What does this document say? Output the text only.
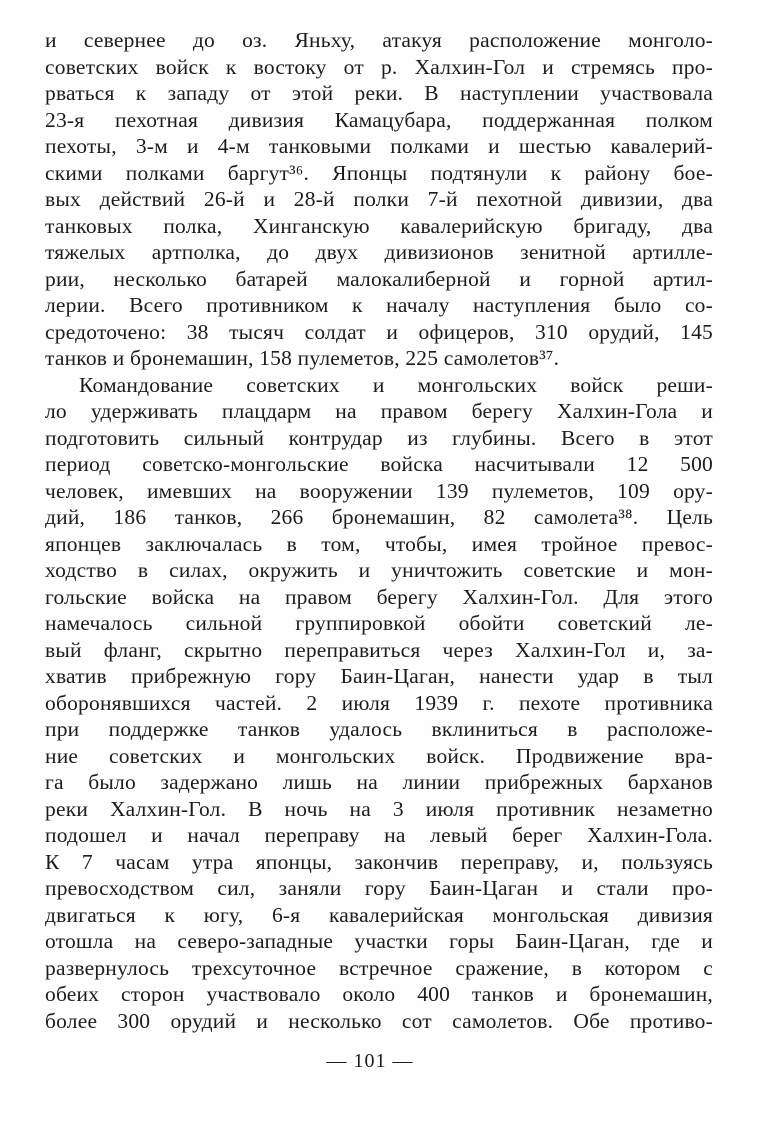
и севернее до оз. Яньху, атакуя расположение монголо-
советских войск к востоку от р. Халхин-Гол и стремясь про-
рваться к западу от этой реки. В наступлении участвовала
23-я пехотная дивизия Камацубара, поддержанная полком
пехоты, 3-м и 4-м танковыми полками и шестью кавалерий-
скими полками баргут³⁶. Японцы подтянули к району бое-
вых действий 26-й и 28-й полки 7-й пехотной дивизии, два
танковых полка, Хинганскую кавалерийскую бригаду, два
тяжелых артполка, до двух дивизионов зенитной артилле-
рии, несколько батарей малокалиберной и горной артил-
лерии. Всего противником к началу наступления было со-
средоточено: 38 тысяч солдат и офицеров, 310 орудий, 145
танков и бронемашин, 158 пулеметов, 225 самолетов³⁷.
Командование советских и монгольских войск реши-
ло удерживать плацдарм на правом берегу Халхин-Гола и
подготовить сильный контрудар из глубины. Всего в этот
период советско-монгольские войска насчитывали 12 500
человек, имевших на вооружении 139 пулеметов, 109 ору-
дий, 186 танков, 266 бронемашин, 82 самолета³⁸. Цель
японцев заключалась в том, чтобы, имея тройное превос-
ходство в силах, окружить и уничтожить советские и мон-
гольские войска на правом берегу Халхин-Гол. Для этого
намечалось сильной группировкой обойти советский ле-
вый фланг, скрытно переправиться через Халхин-Гол и, за-
хватив прибрежную гору Баин-Цаган, нанести удар в тыл
оборонявшихся частей. 2 июля 1939 г. пехоте противника
при поддержке танков удалось вклиниться в расположе-
ние советских и монгольских войск. Продвижение вра-
га было задержано лишь на линии прибрежных барханов
реки Халхин-Гол. В ночь на 3 июля противник незаметно
подошел и начал переправу на левый берег Халхин-Гола.
К 7 часам утра японцы, закончив переправу, и, пользуясь
превосходством сил, заняли гору Баин-Цаган и стали про-
двигаться к югу, 6-я кавалерийская монгольская дивизия
отошла на северо-западные участки горы Баин-Цаган, где и
развернулось трехсуточное встречное сражение, в котором с
обеих сторон участвовало около 400 танков и бронемашин,
более 300 орудий и несколько сот самолетов. Обе противо-
— 101 —
